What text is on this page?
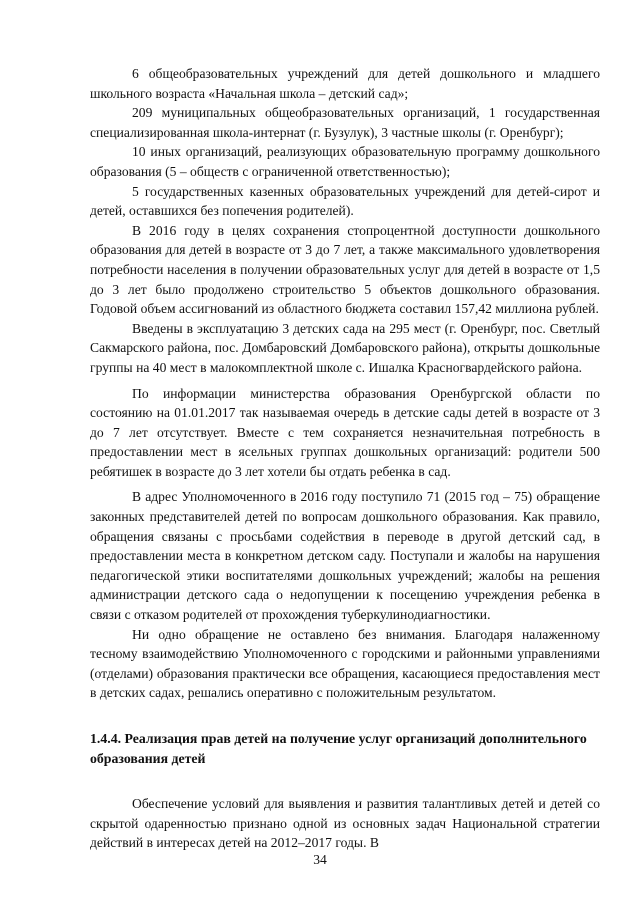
6 общеобразовательных учреждений для детей дошкольного и младшего школьного возраста «Начальная школа – детский сад»;

209 муниципальных общеобразовательных организаций, 1 государственная специализированная школа-интернат (г. Бузулук), 3 частные школы (г. Оренбург);

10 иных организаций, реализующих образовательную программу дошкольного образования (5 – обществ с ограниченной ответственностью);

5 государственных казенных образовательных учреждений для детей-сирот и детей, оставшихся без попечения родителей).

В 2016 году в целях сохранения стопроцентной доступности дошкольного образования для детей в возрасте от 3 до 7 лет, а также максимального удовлетворения потребности населения в получении образовательных услуг для детей в возрасте от 1,5 до 3 лет было продолжено строительство 5 объектов дошкольного образования. Годовой объем ассигнований из областного бюджета составил 157,42 миллиона рублей.

Введены в эксплуатацию 3 детских сада на 295 мест (г. Оренбург, пос. Светлый Сакмарского района, пос. Домбаровский Домбаровского района), открыты дошкольные группы на 40 мест в малокомплектной школе с. Ишалка Красногвардейского района.

По информации министерства образования Оренбургской области по состоянию на 01.01.2017 так называемая очередь в детские сады детей в возрасте от 3 до 7 лет отсутствует. Вместе с тем сохраняется незначительная потребность в предоставлении мест в ясельных группах дошкольных организаций: родители 500 ребятишек в возрасте до 3 лет хотели бы отдать ребенка в сад.

В адрес Уполномоченного в 2016 году поступило 71 (2015 год – 75) обращение законных представителей детей по вопросам дошкольного образования. Как правило, обращения связаны с просьбами содействия в переводе в другой детский сад, в предоставлении места в конкретном детском саду. Поступали и жалобы на нарушения педагогической этики воспитателями дошкольных учреждений; жалобы на решения администрации детского сада о недопущении к посещению учреждения ребенка в связи с отказом родителей от прохождения туберкулинодиагностики.

Ни одно обращение не оставлено без внимания. Благодаря налаженному тесному взаимодействию Уполномоченного с городскими и районными управлениями (отделами) образования практически все обращения, касающиеся предоставления мест в детских садах, решались оперативно с положительным результатом.

1.4.4. Реализация прав детей на получение услуг организаций дополнительного образования детей

Обеспечение условий для выявления и развития талантливых детей и детей со скрытой одаренностью признано одной из основных задач Национальной стратегии действий в интересах детей на 2012–2017 годы. В

34
